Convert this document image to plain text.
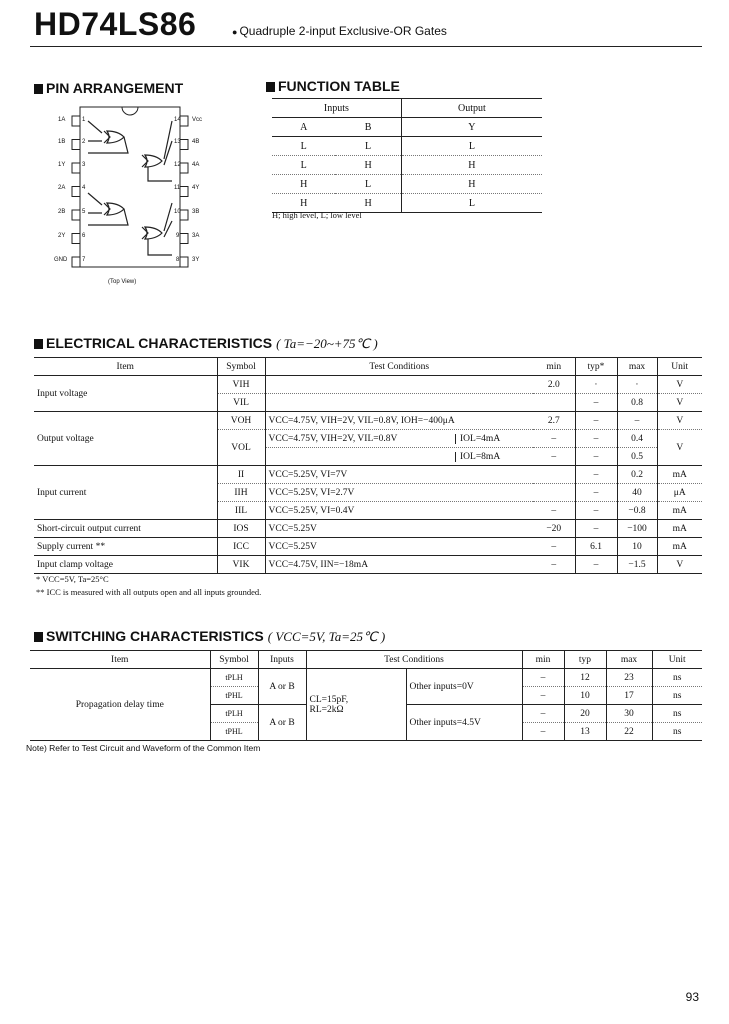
HD74LS86	● Quadruple 2-input Exclusive-OR Gates
PIN ARRANGEMENT
(Top View)
1A
1B
1Y
2A
2B
2Y
GND
1
2
3
4
5
6
7
14
13
12
11
10
9
8
Vcc
4B
4A
4Y
3B
3A
3Y
FUNCTION TABLE
Inputs		Output
A	B	Y
L	L	L
L	H	H
H	L	H
H	H	L
H; high level, L; low level
ELECTRICAL CHARACTERISTICS ( Ta=−20~+75℃ )
Item	Symbol	Test Conditions	min	typ*	max	Unit
Input voltage	VIH		2.0	·	·	V
	VIL			–	0.8	V
Output voltage	VOH	VCC=4.75V, VIH=2V, VIL=0.8V, IOH=−400μA	2.7	–	–	V
	VOL	VCC=4.75V, VIH=2V, VIL=0.8V IOL=4mA	–	–	0.4	V

		IOL=8mA	–	–	0.5	
Input current	II	VCC=5.25V, VI=7V		–	0.2	mA
	IIH	VCC=5.25V, VI=2.7V		–	40	μA
	IIL	VCC=5.25V, VI=0.4V	–	–	−0.8	mA
Short-circuit output current	IOS	VCC=5.25V	−20	–	−100	mA
Supply current **	ICC	VCC=5.25V	–	6.1	10	mA
Input clamp voltage	VIK	VCC=4.75V, IIN=−18mA	–	–	−1.5	V
* VCC=5V, Ta=25°C
** ICC is measured with all outputs open and all inputs grounded.
SWITCHING CHARACTERISTICS ( VCC=5V, Ta=25℃ )
Item	Symbol	Inputs	Test Conditions		min	typ	max	Unit
Propagation delay time	tPLH	A or B	CL=15pF,
RL=2kΩ	Other inputs=0V	–	12	23	ns
	tPHL				–	10	17	ns
	tPLH	A or B		Other inputs=4.5V	–	20	30	ns
	tPHL				–	13	22	ns
Note) Refer to Test Circuit and Waveform of the Common Item
93
